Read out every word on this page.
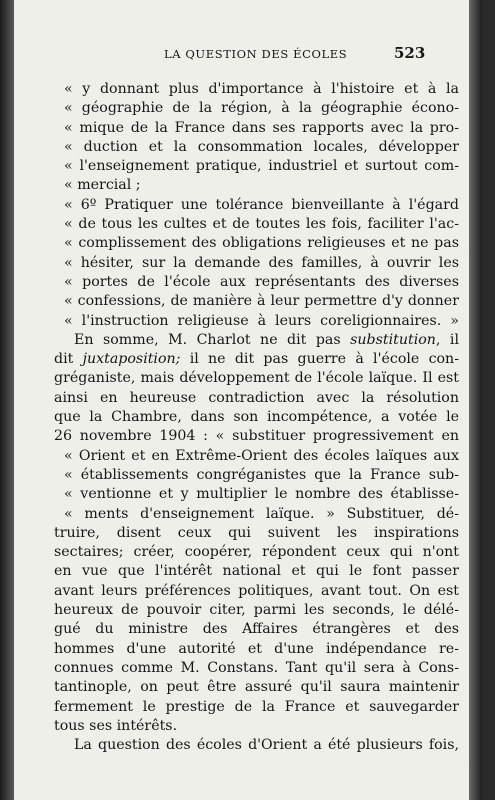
LA QUESTION DES ÉCOLES	523
« y donnant plus d'importance à l'histoire et à la
« géographie de la région, à la géographie écono-
« mique de la France dans ses rapports avec la pro-
« duction et la consommation locales, développer
« l'enseignement pratique, industriel et surtout com-
« mercial ;
« 6º Pratiquer une tolérance bienveillante à l'égard
« de tous les cultes et de toutes les fois, faciliter l'ac-
« complissement des obligations religieuses et ne pas
« hésiter, sur la demande des familles, à ouvrir les
« portes de l'école aux représentants des diverses
« confessions, de manière à leur permettre d'y donner
« l'instruction religieuse à leurs coreligionnaires. »
En somme, M. Charlot ne dit pas substitution, il
dit juxtaposition; il ne dit pas guerre à l'école con-
gréganiste, mais développement de l'école laïque. Il est
ainsi en heureuse contradiction avec la résolution
que la Chambre, dans son incompétence, a votée le
26 novembre 1904 : « substituer progressivement en
« Orient et en Extrême-Orient des écoles laïques aux
« établissements congréganistes que la France sub-
« ventionne et y multiplier le nombre des établisse-
« ments d'enseignement laïque. » Substituer, dé-
truire, disent ceux qui suivent les inspirations
sectaires; créer, coopérer, répondent ceux qui n'ont
en vue que l'intérêt national et qui le font passer
avant leurs préférences politiques, avant tout. On est
heureux de pouvoir citer, parmi les seconds, le délé-
gué du ministre des Affaires étrangères et des
hommes d'une autorité et d'une indépendance re-
connues comme M. Constans. Tant qu'il sera à Cons-
tantinople, on peut être assuré qu'il saura maintenir
fermement le prestige de la France et sauvegarder
tous ses intérêts.
La question des écoles d'Orient a été plusieurs fois,
